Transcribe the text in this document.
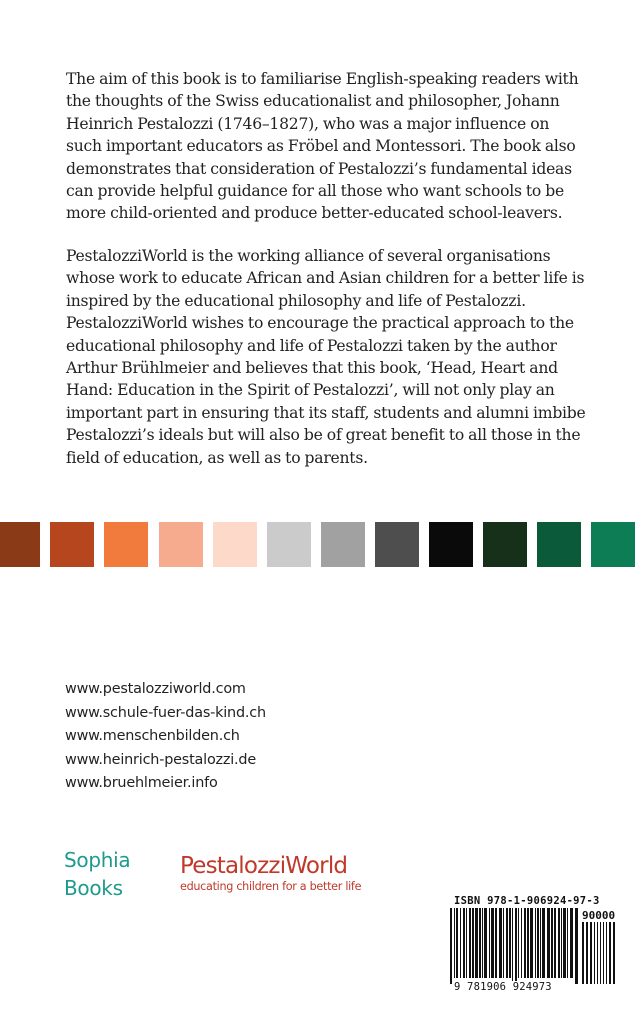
The aim of this book is to familiarise English-speaking readers with the thoughts of the Swiss educationalist and philosopher, Johann Heinrich Pestalozzi (1746–1827), who was a major influence on such important educators as Fröbel and Montessori. The book also demonstrates that consideration of Pestalozzi’s fundamental ideas can provide helpful guidance for all those who want schools to be more child-oriented and produce better-educated school-leavers.
PestalozziWorld is the working alliance of several organisations whose work to educate African and Asian children for a better life is inspired by the educational philosophy and life of Pestalozzi. PestalozziWorld wishes to encourage the practical approach to the educational philosophy and life of Pestalozzi taken by the author Arthur Brühlmeier and believes that this book, ‘Head, Heart and Hand: Education in the Spirit of Pestalozzi’, will not only play an important part in ensuring that its staff, students and alumni imbibe Pestalozzi’s ideals but will also be of great benefit to all those in the field of education, as well as to parents.
www.pestalozziworld.com
www.schule-fuer-das-kind.ch
www.menschenbilden.ch
www.heinrich-pestalozzi.de
www.bruehlmeier.info
Sophia
Books
PestalozziWorld
educating children for a better life
ISBN 978-1-906924-97-3
90000
9 781906 924973
